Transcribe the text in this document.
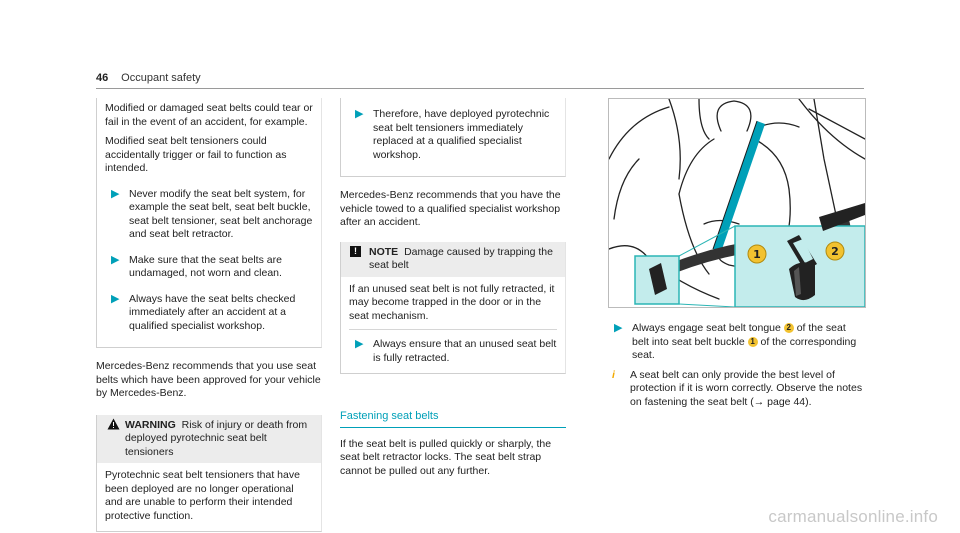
46 Occupant safety

Modified or damaged seat belts could tear or fail in the event of an accident, for example.

Modified seat belt tensioners could accidentally trigger or fail to function as intended.

▶ Never modify the seat belt system, for example the seat belt, seat belt buckle, seat belt tensioner, seat belt anchorage and seat belt retractor.
▶ Make sure that the seat belts are undamaged, not worn and clean.
▶ Always have the seat belts checked immediately after an accident at a qualified specialist workshop.

Mercedes-Benz recommends that you use seat belts which have been approved for your vehicle by Mercedes-Benz.

WARNING Risk of injury or death from deployed pyrotechnic seat belt tensioners
Pyrotechnic seat belt tensioners that have been deployed are no longer operational and are unable to perform their intended protective function.
▶ Therefore, have deployed pyrotechnic seat belt tensioners immediately replaced at a qualified specialist workshop.

Mercedes-Benz recommends that you have the vehicle towed to a qualified specialist workshop after an accident.

!	NOTE Damage caused by trapping the seat belt

If an unused seat belt is not fully retracted, it may become trapped in the door or in the seat mechanism.

▶ Always ensure that an unused seat belt is fully retracted.
Fastening seat belts

If the seat belt is pulled quickly or sharply, the seat belt retractor locks. The seat belt strap cannot be pulled out any further.

1	2
▶ Always engage seat belt tongue 2 of the seat belt into seat belt buckle 1 of the corresponding seat.
i A seat belt can only provide the best level of protection if it is worn correctly. Observe the notes on fastening the seat belt (→ page 44).
carmanualsonline.info
